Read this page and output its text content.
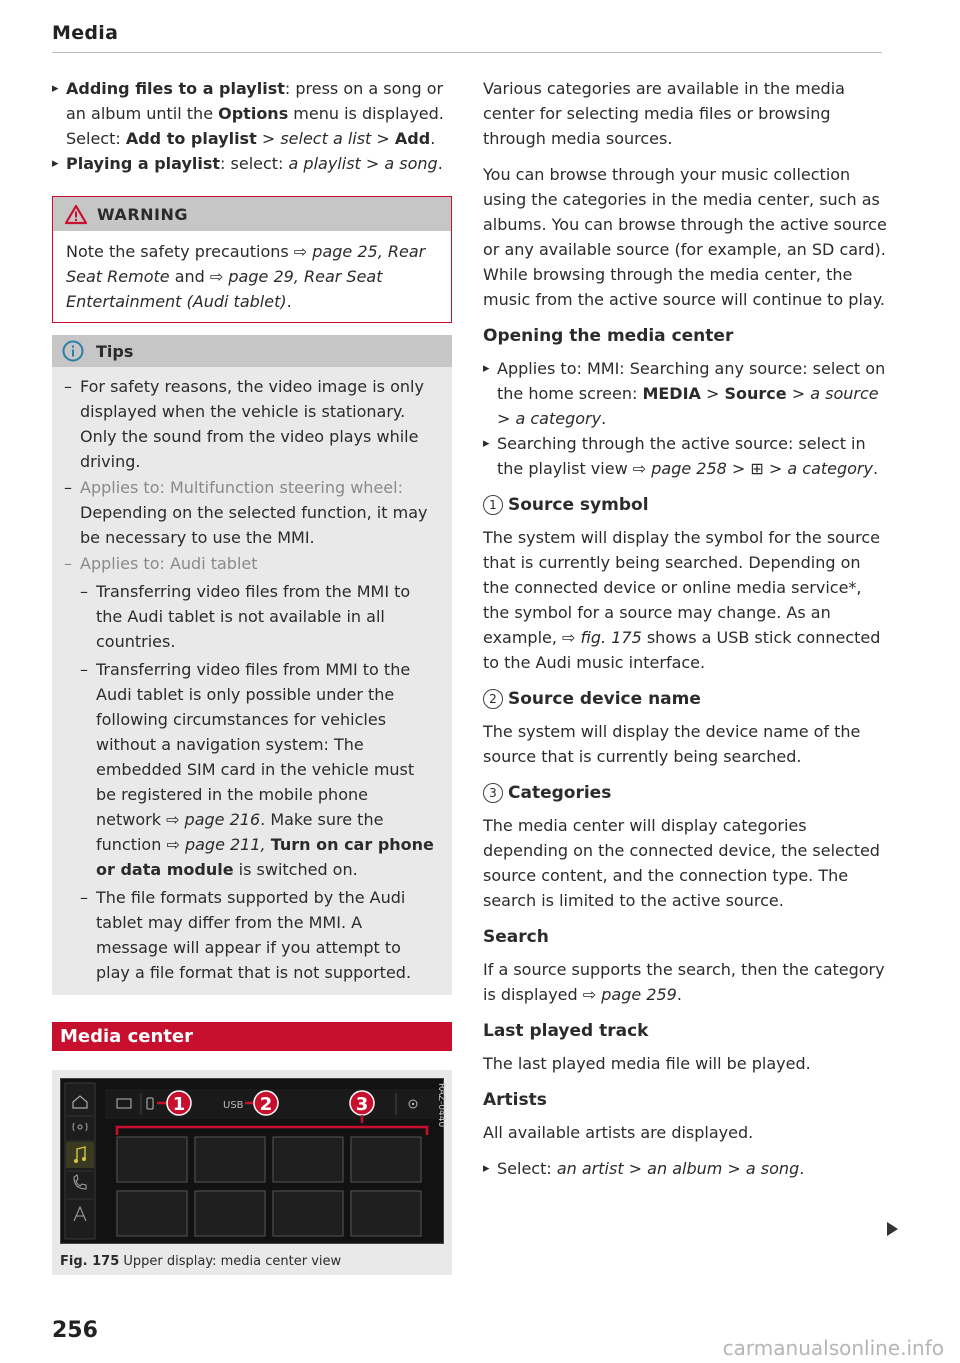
Media
▸ Adding files to a playlist: press on a song or an album until the Options menu is displayed. Select: Add to playlist > select a list > Add.
▸ Playing a playlist: select: a playlist > a song.
WARNING
Note the safety precautions ⇨ page 25, Rear Seat Remote and ⇨ page 29, Rear Seat Entertainment (Audi tablet).
Tips
– For safety reasons, the video image is only displayed when the vehicle is stationary. Only the sound from the video plays while driving.
– Applies to: Multifunction steering wheel: Depending on the selected function, it may be necessary to use the MMI.
– Applies to: Audi tablet
– Transferring video files from the MMI to the Audi tablet is not available in all countries.
– Transferring video files from MMI to the Audi tablet is only possible under the following circumstances for vehicles without a navigation system: The embedded SIM card in the vehicle must be registered in the mobile phone network ⇨ page 216. Make sure the function ⇨ page 211, Turn on car phone or data module is switched on.
– The file formats supported by the Audi tablet may differ from the MMI. A message will appear if you attempt to play a file format that is not supported.
Media center
1	USB 2	3	RAZ-0440
Fig. 175 Upper display: media center view

Various categories are available in the media center for selecting media files or browsing through media sources.

You can browse through your music collection using the categories in the media center, such as albums. You can browse through the active source or any available source (for example, an SD card). While browsing through the media center, the music from the active source will continue to play.

Opening the media center
▸ Applies to: MMI: Searching any source: select on the home screen: MEDIA > Source > a source > a category.
▸ Searching through the active source: select in the playlist view ⇨ page 258 > ⊞ > a category.
1 Source symbol

The system will display the symbol for the source that is currently being searched. Depending on the connected device or online media service*, the symbol for a source may change. As an example, ⇨ fig. 175 shows a USB stick connected to the Audi music interface.

2 Source device name

The system will display the device name of the source that is currently being searched.

3 Categories

The media center will display categories depending on the connected device, the selected source content, and the connection type. The search is limited to the active source.

Search

If a source supports the search, then the category is displayed ⇨ page 259.

Last played track

The last played media file will be played.

Artists

All available artists are displayed.

▸ Select: an artist > an album > a song.
256
carmanualsonline.info
